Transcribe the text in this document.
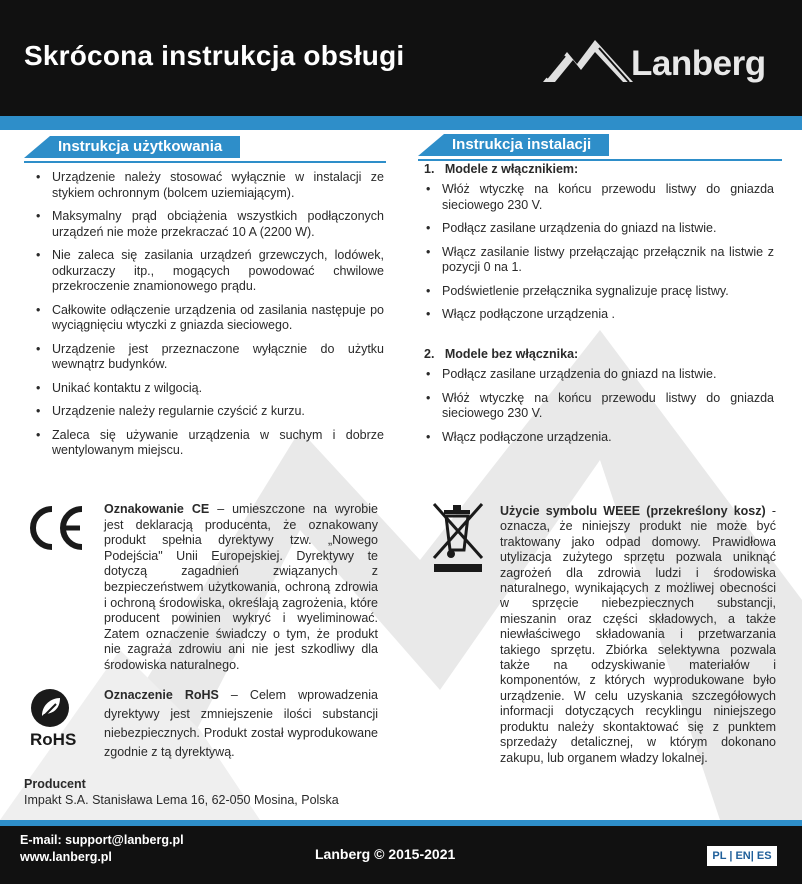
Skrócona instrukcja obsługi	Lanberg
Instrukcja użytkowania
• Urządzenie należy stosować wyłącznie w instalacji ze stykiem ochronnym (bolcem uziemiającym).
• Maksymalny prąd obciążenia wszystkich podłączonych urządzeń nie może przekraczać 10 A (2200 W).
• Nie zaleca się zasilania urządzeń grzewczych, lodówek, odkurzaczy itp., mogących powodować chwilowe przekroczenie znamionowego prądu.
• Całkowite odłączenie urządzenia od zasilania następuje po wyciągnięciu wtyczki z gniazda sieciowego.
• Urządzenie jest przeznaczone wyłącznie do użytku wewnątrz budynków.
• Unikać kontaktu z wilgocią.
• Urządzenie należy regularnie czyścić z kurzu.
• Zaleca się używanie urządzenia w suchym i dobrze wentylowanym miejscu.
Instrukcja instalacji
1.   Modele z włącznikiem:
• Włóż wtyczkę na końcu przewodu listwy do gniazda sieciowego 230 V.
• Podłącz zasilane urządzenia do gniazd na listwie.
• Włącz zasilanie listwy przełączając przełącznik na listwie z pozycji 0 na 1.
• Podświetlenie przełącznika sygnalizuje pracę listwy.
• Włącz podłączone urządzenia .
2.   Modele bez włącznika:
• Podłącz zasilane urządzenia do gniazd na listwie.
• Włóż wtyczkę na końcu przewodu listwy do gniazda sieciowego 230 V.
• Włącz podłączone urządzenia.
Oznakowanie CE – umieszczone na wyrobie jest deklaracją producenta, że oznakowany produkt spełnia dyrektywy tzw. „Nowego Podejścia" Unii Europejskiej. Dyrektywy te dotyczą zagadnień związanych z bezpieczeństwem użytkowania, ochroną zdrowia i ochroną środowiska, określają zagrożenia, które producent powinien wykryć i wyeliminować. Zatem oznaczenie świadczy o tym, że produkt nie zagraża zdrowiu ani nie jest szkodliwy dla środowiska naturalnego.
RoHS
Oznaczenie RoHS – Celem wprowadzenia dyrektywy jest zmniejszenie ilości substancji niebezpiecznych. Produkt został wyprodukowane zgodnie z tą dyrektywą.
Użycie symbolu WEEE (przekreślony kosz) - oznacza, że niniejszy produkt nie może być traktowany jako odpad domowy. Prawidłowa utylizacja zużytego sprzętu pozwala uniknąć zagrożeń dla zdrowia ludzi i środowiska naturalnego, wynikających z możliwej obecności w sprzęcie niebezpiecznych substancji, mieszanin oraz części składowych, a także niewłaściwego składowania i przetwarzania takiego sprzętu. Zbiórka selektywna pozwala także na odzyskiwanie materiałów i komponentów, z których wyprodukowane było urządzenie. W celu uzyskania szczegółowych informacji dotyczących recyklingu niniejszego produktu należy skontaktować się z punktem sprzedaży detalicznej, w którym dokonano zakupu, lub organem władzy lokalnej.
Producent
Impakt S.A. Stanisława Lema 16, 62-050 Mosina, Polska
E-mail: support@lanberg.pl
www.lanberg.pl	Lanberg © 2015-2021	PL | EN| ES
